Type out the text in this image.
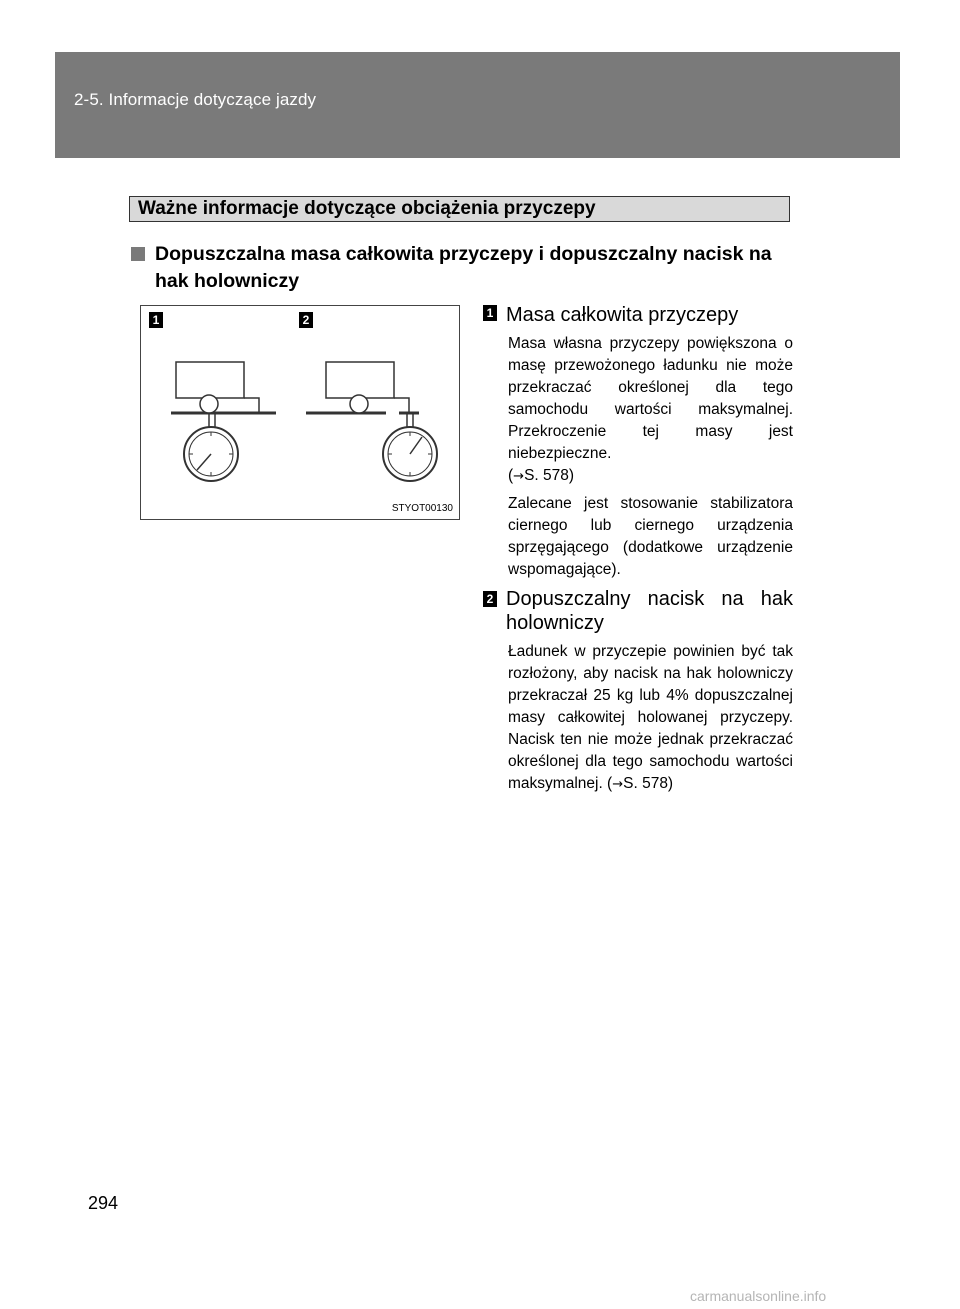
2-5. Informacje dotyczące jazdy
Ważne informacje dotyczące obciążenia przyczepy
Dopuszczalna masa całkowita przyczepy i dopuszczalny nacisk na hak holowniczy
1	2
STYOT00130
1 Masa całkowita przyczepy
Masa własna przyczepy powiększona o masę przewożonego ładunku nie może przekraczać określonej dla tego samochodu wartości maksymalnej. Przekroczenie tej masy jest niebezpieczne.
(→S. 578)
Zalecane jest stosowanie stabilizatora ciernego lub ciernego urządzenia sprzęgającego (dodatkowe urządzenie wspomagające).
2 Dopuszczalny nacisk na hak
holowniczy
Ładunek w przyczepie powinien być tak rozłożony, aby nacisk na hak holowniczy przekraczał 25 kg lub 4% dopuszczalnej masy całkowitej holowanej przyczepy. Nacisk ten nie może jednak przekraczać określonej dla tego samochodu wartości maksymalnej. (→S. 578)
294
carmanualsonline.info
